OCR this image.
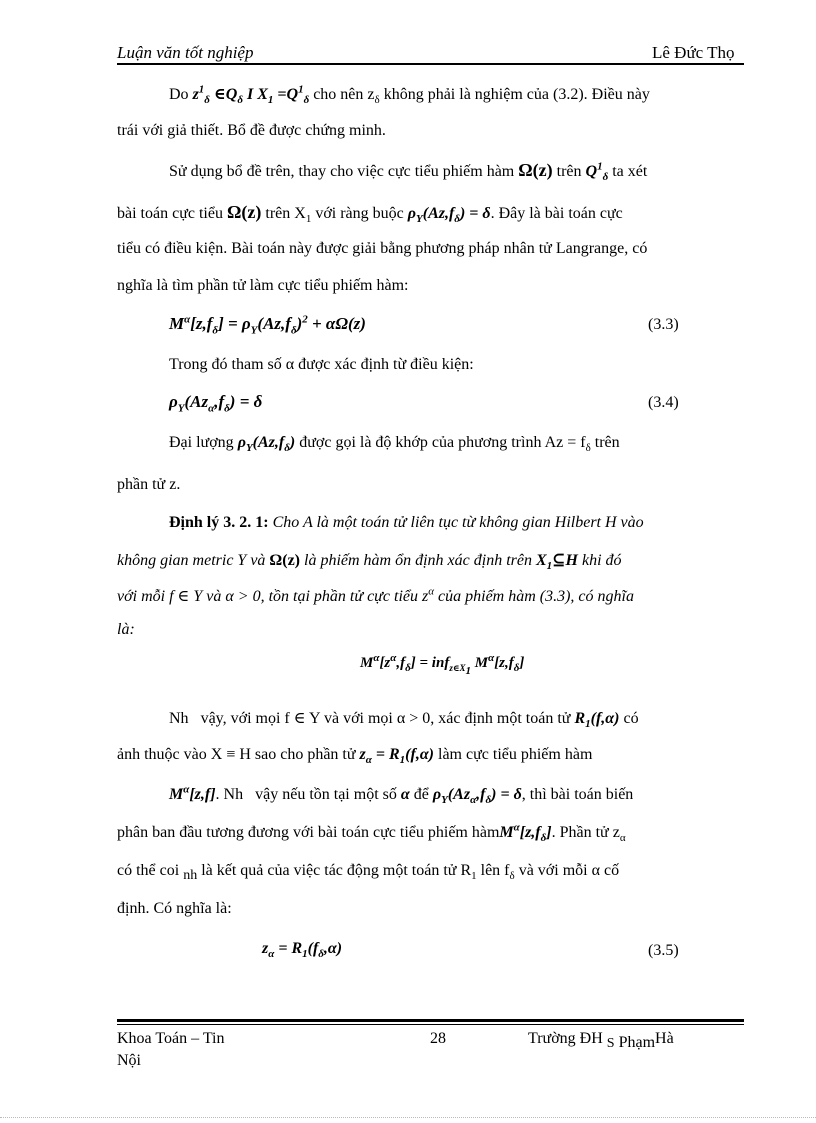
Luận văn tốt nghiệp	Lê Đức Thọ
Do $z^1_\delta$ $\in Q_\delta$ I $X_1 =Q^1_\delta$ cho nên $z_\delta$ không phải là nghiệm của (3.2). Điều này
trái với giả thiết. Bổ đề được chứng minh.
Sử dụng bổ đề trên, thay cho việc cực tiểu phiếm hàm Ω(z) trên $Q^1_\delta$ ta xét
bài toán cực tiểu Ω(z) trên $X_1$ với ràng buộc $\rho_Y(Az,f_\delta) = \delta$. Đây là bài toán cực
tiểu có điều kiện. Bài toán này được giải bằng phương pháp nhân tử Langrange, có
nghĩa là tìm phần tử làm cực tiểu phiếm hàm:
$M^\alpha[z,f_\delta] = \rho_Y(Az,f_\delta)^2 + \alpha\Omega(z)$	(3.3)
Trong đó tham số α được xác định từ điều kiện:
$\rho_Y(Az_\alpha,f_\delta) = \delta$	(3.4)
Đại lượng $\rho_Y(Az,f_\delta)$ được gọi là độ khớp của phương trình $Az = f_\delta$ trên
phần tử z.
Định lý 3. 2. 1: Cho A là một toán tử liên tục từ không gian Hilbert H vào
không gian metric Y và Ω(z) là phiếm hàm ổn định xác định trên $X_1⊆H$ khi đó
với mỗi f ∈ Y và α > 0, tồn tại phần tử cực tiểu $z^\alpha$ của phiếm hàm (3.3), có nghĩa
là:
$M^\alpha[z^\alpha,f_\delta] = inf_{z\in X_1}$ $M^\alpha[z,f_\delta]$
Nh vậy, với mọi f ∈ Y và với mọi α > 0, xác định một toán tử $R_1(f,\alpha)$ có
ảnh thuộc vào X ≡ H sao cho phần tử $z_\alpha = R_1(f,\alpha)$ làm cực tiểu phiếm hàm
$M^\alpha[z,f]$. Nh vậy nếu tồn tại một số α để $\rho_Y(Az_\alpha,f_\delta) = \delta$, thì bài toán biến
phân ban đầu tương đương với bài toán cực tiểu phiếm $hàmM^\alpha[z,f_\delta]$. Phần tử $z_\alpha$
có thể coi nh là kết quả của việc tác động một toán tử $R_1$ lên $f_\delta$ và với mỗi α cố
định. Có nghĩa là:
$z_\alpha = R_1(f_\delta,\alpha)$	(3.5)
Khoa Toán – Tin
Nội
28	Trường ĐH S PhạmHà
